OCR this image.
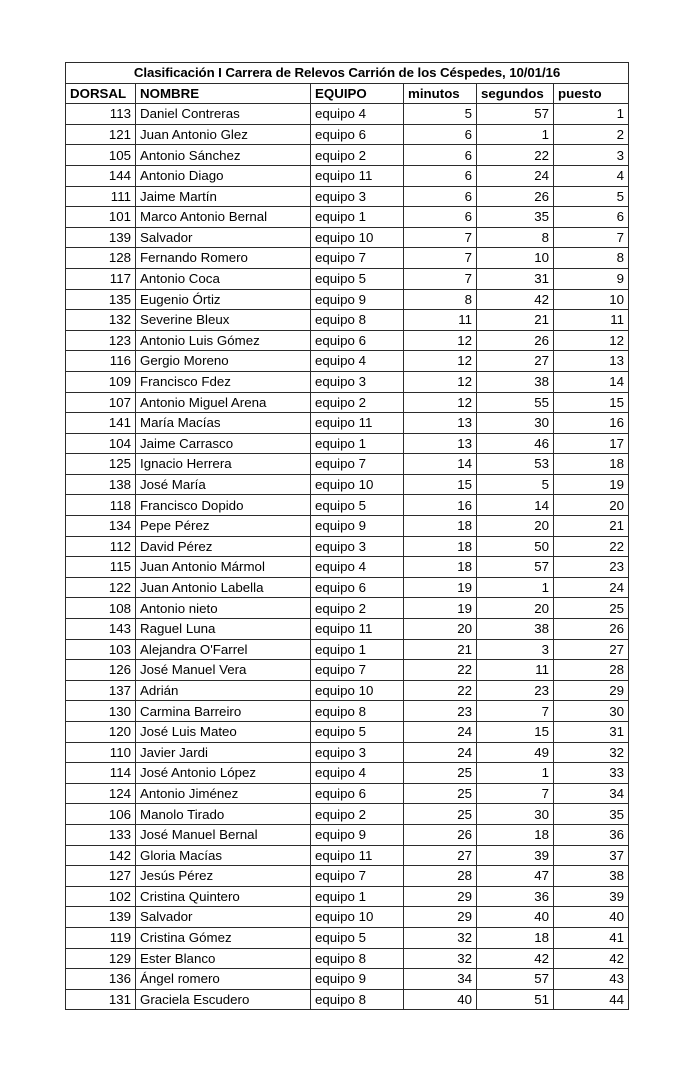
Clasificación I Carrera de Relevos Carrión de los Céspedes, 10/01/16					
DORSAL	NOMBRE	EQUIPO	minutos	segundos	puesto
113	Daniel Contreras	equipo 4	5	57	1
121	Juan Antonio Glez	equipo 6	6	1	2
105	Antonio Sánchez	equipo 2	6	22	3
144	Antonio Diago	equipo 11	6	24	4
111	Jaime Martín	equipo 3	6	26	5
101	Marco Antonio Bernal	equipo 1	6	35	6
139	Salvador	equipo 10	7	8	7
128	Fernando Romero	equipo 7	7	10	8
117	Antonio Coca	equipo 5	7	31	9
135	Eugenio Órtiz	equipo 9	8	42	10
132	Severine Bleux	equipo 8	11	21	11
123	Antonio Luis Gómez	equipo 6	12	26	12
116	Gergio Moreno	equipo 4	12	27	13
109	Francisco Fdez	equipo 3	12	38	14
107	Antonio Miguel Arena	equipo 2	12	55	15
141	María Macías	equipo 11	13	30	16
104	Jaime Carrasco	equipo 1	13	46	17
125	Ignacio Herrera	equipo 7	14	53	18
138	José María	equipo 10	15	5	19
118	Francisco Dopido	equipo 5	16	14	20
134	Pepe Pérez	equipo 9	18	20	21
112	David Pérez	equipo 3	18	50	22
115	Juan Antonio Mármol	equipo 4	18	57	23
122	Juan Antonio Labella	equipo 6	19	1	24
108	Antonio nieto	equipo 2	19	20	25
143	Raguel Luna	equipo 11	20	38	26
103	Alejandra O'Farrel	equipo 1	21	3	27
126	José Manuel Vera	equipo 7	22	11	28
137	Adrián	equipo 10	22	23	29
130	Carmina Barreiro	equipo 8	23	7	30
120	José Luis Mateo	equipo 5	24	15	31
110	Javier Jardi	equipo 3	24	49	32
114	José Antonio López	equipo 4	25	1	33
124	Antonio Jiménez	equipo 6	25	7	34
106	Manolo Tirado	equipo 2	25	30	35
133	José Manuel Bernal	equipo 9	26	18	36
142	Gloria Macías	equipo 11	27	39	37
127	Jesús Pérez	equipo 7	28	47	38
102	Cristina Quintero	equipo 1	29	36	39
139	Salvador	equipo 10	29	40	40
119	Cristina Gómez	equipo 5	32	18	41
129	Ester Blanco	equipo 8	32	42	42
136	Ángel romero	equipo 9	34	57	43
131	Graciela Escudero	equipo 8	40	51	44
